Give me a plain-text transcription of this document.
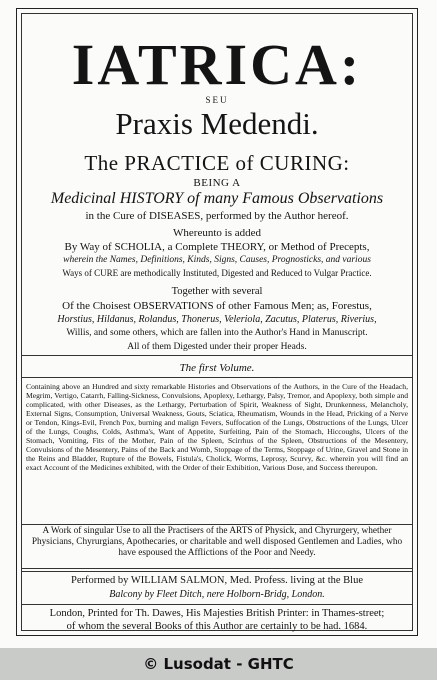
IATRICA:
SEU
Praxis Medendi.
The PRACTICE of CURING:
BEING A
Medicinal HISTORY of many Famous Observations
in the Cure of DISEASES, performed by the Author hereof.
Whereunto is added
By Way of SCHOLIA, a Complete THEORY, or Method of Precepts,
wherein the Names, Definitions, Kinds, Signs, Causes, Prognosticks, and various
Ways of CURE are methodically Instituted, Digested and Reduced to Vulgar Practice.
Together with several
Of the Choisest OBSERVATIONS of other Famous Men; as, Forestus,
Horstius, Hildanus, Rolandus, Thonerus, Veleriola, Zacutus, Platerus, Riverius,
Willis, and some others, which are fallen into the Author's Hand in Manuscript.
All of them Digested under their proper Heads.
The first Volume.
Containing above an Hundred and sixty remarkable Histories and Observations of the Authors, in the Cure of the Headach, Megrim, Vertigo, Catarrh, Falling-Sickness, Convulsions, Apoplexy, Lethargy, Palsy, Tremor, and Apoplexy, both simple and complicated, with other Diseases, as the Lethargy, Perturbation of Spirit, Weakness of Sight, Drunkenness, Melancholy, External Signs, Consumption, Universal Weakness, Gouts, Sciatica, Rheumatism, Wounds in the Head, Pricking of a Nerve or Tendon, Kings-Evil, French Pox, burning and malign Fevers, Suffocation of the Lungs, Obstructions of the Lungs, Ulcer of the Lungs, Coughs, Colds, Asthma's, Want of Appetite, Surfeiting, Pain of the Stomach, Hiccoughs, Ulcers of the Stomach, Vomiting, Fits of the Mother, Pain of the Spleen, Scirrhus of the Spleen, Obstructions of the Mesentery, Convulsions of the Mesentery, Pains of the Back and Womb, Stoppage of the Terms, Stoppage of Urine, Gravel and Stone in the Reins and Bladder, Rupture of the Bowels, Fistula's, Cholick, Worms, Leprosy, Scurvy, &c. wherein you will find an exact Account of the Medicines exhibited, with the Order of their Exhibition, Various Dose, and Success thereupon.
A Work of singular Use to all the Practisers of the ARTS of Physick, and Chyrurgery, whether Physicians, Chyrurgians, Apothecaries, or charitable and well disposed Gentlemen and Ladies, who have espoused the Afflictions of the Poor and Needy.
Performed by WILLIAM SALMON, Med. Profess. living at the Blue
Balcony by Fleet Ditch, nere Holborn-Bridg, London.
London, Printed for Th. Dawes, His Majesties British Printer: in Thames-street;
of whom the several Books of this Author are certainly to be had. 1684.
© Lusodat - GHTC
